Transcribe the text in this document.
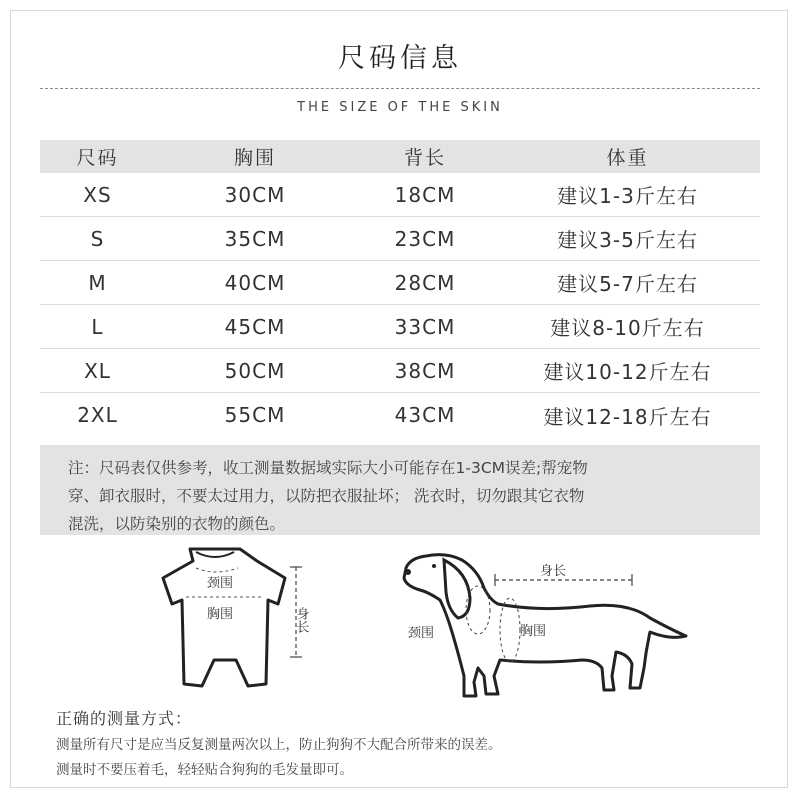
尺码信息
THE SIZE OF THE SKIN
尺码	胸围	背长	体重
XS	30CM	18CM	建议1-3斤左右
S	35CM	23CM	建议3-5斤左右
M	40CM	28CM	建议5-7斤左右
L	45CM	33CM	建议8-10斤左右
XL	50CM	38CM	建议10-12斤左右
2XL	55CM	43CM	建议12-18斤左右
注：尺码表仅供参考，收工测量数据域实际大小可能存在1-3CM误差;帮宠物
穿、卸衣服时，不要太过用力，以防把衣服扯坏； 洗衣时，切勿跟其它衣物
混洗，以防染别的衣物的颜色。
颈围
胸围	身长
身长
颈围	胸围
正确的测量方式：
测量所有尺寸是应当反复测量两次以上，防止狗狗不大配合所带来的误差。
测量时不要压着毛，轻轻贴合狗狗的毛发量即可。
